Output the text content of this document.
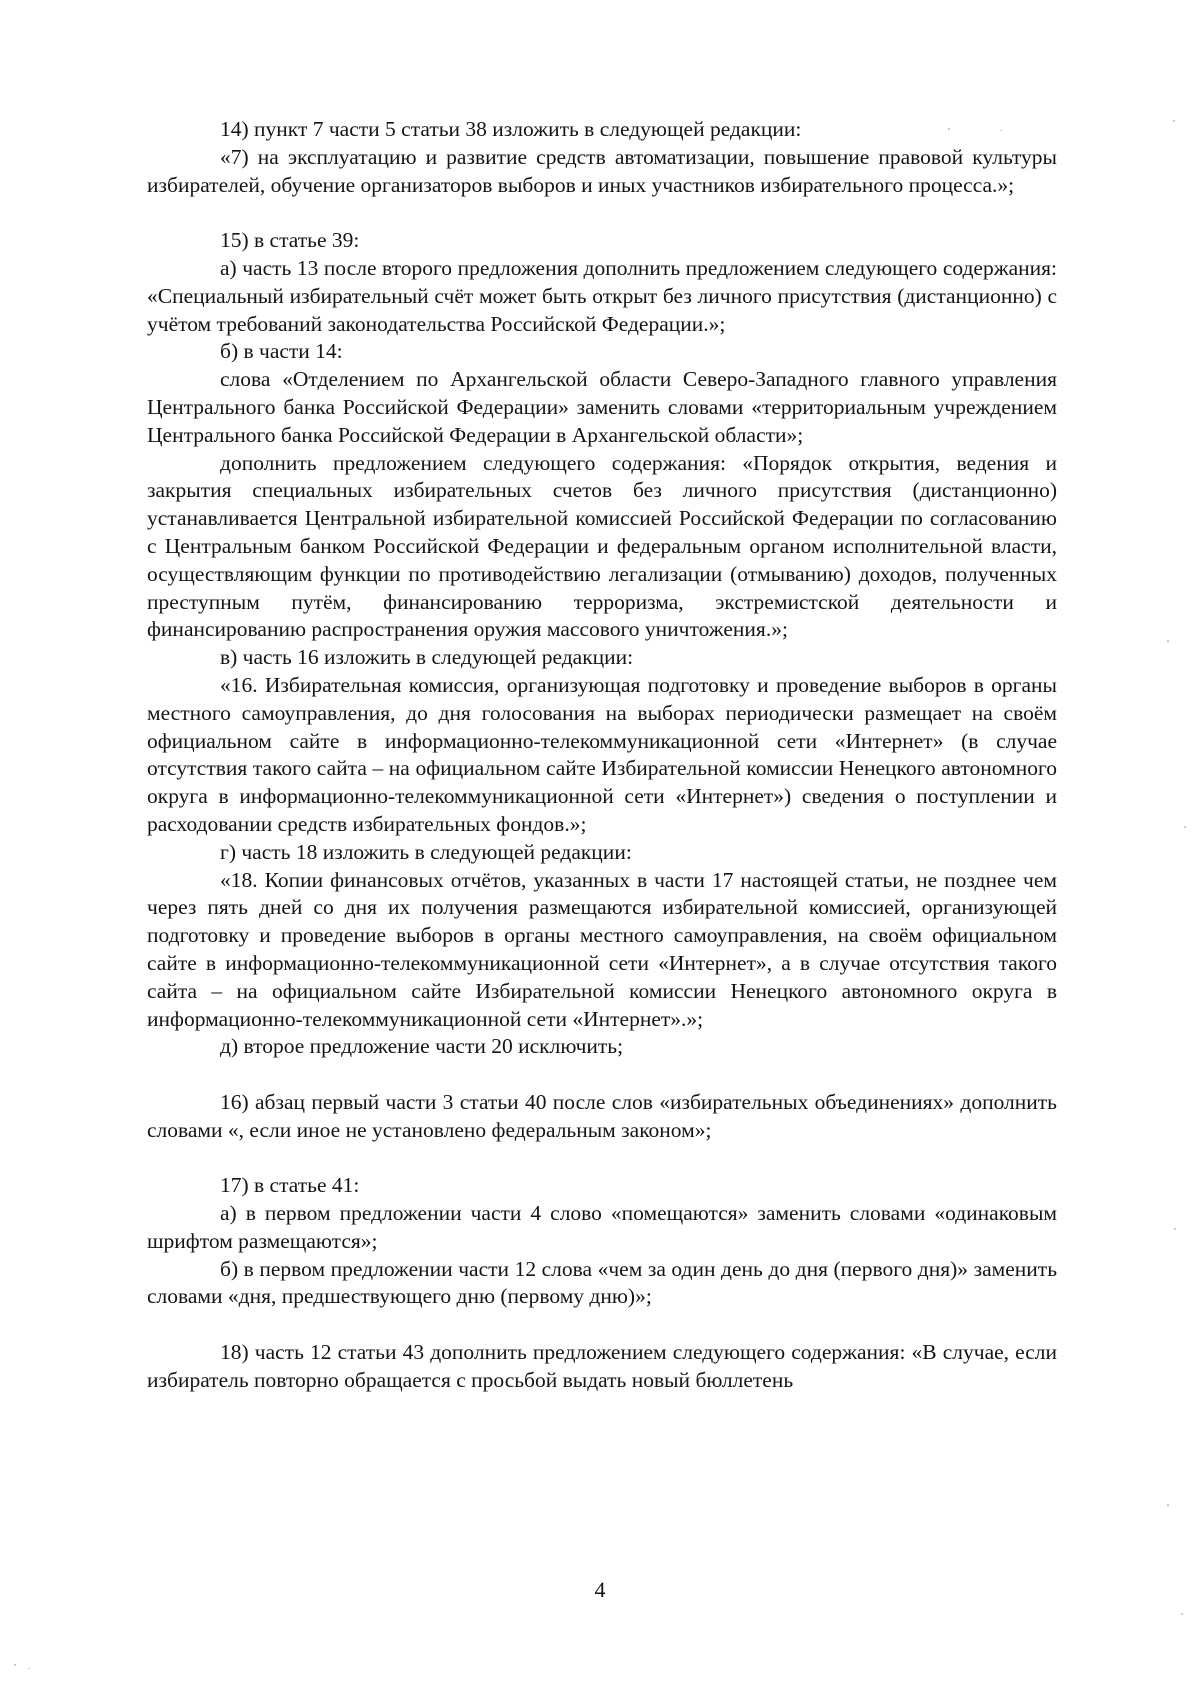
14) пункт 7 части 5 статьи 38 изложить в следующей редакции:

«7) на эксплуатацию и развитие средств автоматизации, повышение правовой культуры избирателей, обучение организаторов выборов и иных участников избирательного процесса.»;

15) в статье 39:

а) часть 13 после второго предложения дополнить предложением следующего содержания: «Специальный избирательный счёт может быть открыт без личного присутствия (дистанционно) с учётом требований законодательства Российской Федерации.»;

б) в части 14:

слова «Отделением по Архангельской области Северо-Западного главного управления Центрального банка Российской Федерации» заменить словами «территориальным учреждением Центрального банка Российской Федерации в Архангельской области»;

дополнить предложением следующего содержания: «Порядок открытия, ведения и закрытия специальных избирательных счетов без личного присутствия (дистанционно) устанавливается Центральной избирательной комиссией Российской Федерации по согласованию с Центральным банком Российской Федерации и федеральным органом исполнительной власти, осуществляющим функции по противодействию легализации (отмыванию) доходов, полученных преступным путём, финансированию терроризма, экстремистской деятельности и финансированию распространения оружия массового уничтожения.»;

в) часть 16 изложить в следующей редакции:

«16. Избирательная комиссия, организующая подготовку и проведение выборов в органы местного самоуправления, до дня голосования на выборах периодически размещает на своём официальном сайте в информационно-телекоммуникационной сети «Интернет» (в случае отсутствия такого сайта – на официальном сайте Избирательной комиссии Ненецкого автономного округа в информационно-телекоммуникационной сети «Интернет») сведения о поступлении и расходовании средств избирательных фондов.»;

г) часть 18 изложить в следующей редакции:

«18. Копии финансовых отчётов, указанных в части 17 настоящей статьи, не позднее чем через пять дней со дня их получения размещаются избирательной комиссией, организующей подготовку и проведение выборов в органы местного самоуправления, на своём официальном сайте в информационно-телекоммуникационной сети «Интернет», а в случае отсутствия такого сайта – на официальном сайте Избирательной комиссии Ненецкого автономного округа в информационно-телекоммуникационной сети «Интернет».»;

д) второе предложение части 20 исключить;

16) абзац первый части 3 статьи 40 после слов «избирательных объединениях» дополнить словами «, если иное не установлено федеральным законом»;

17) в статье 41:

а) в первом предложении части 4 слово «помещаются» заменить словами «одинаковым шрифтом размещаются»;

б) в первом предложении части 12 слова «чем за один день до дня (первого дня)» заменить словами «дня, предшествующего дню (первому дню)»;

18) часть 12 статьи 43 дополнить предложением следующего содержания: «В случае, если избиратель повторно обращается с просьбой выдать новый бюллетень

4
